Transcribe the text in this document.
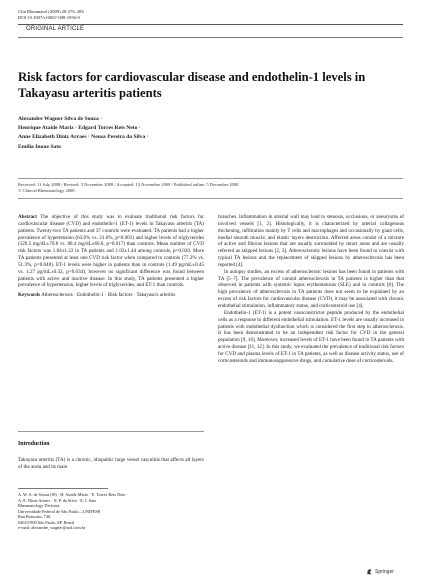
Clin Rheumatol (2009) 28:379–383
DOI 10.1007/s10067-008-1056-0
ORIGINAL ARTICLE
Risk factors for cardiovascular disease and endothelin-1 levels in Takayasu arteritis patients
Alexandre Wagner Silva de Souza ·
Henrique Ataide Mariz · Edgard Torres Reis Neto ·
Anne Elizabeth Diniz Arraes · Neusa Pereira da Silva ·
Emilia Inoue Sato
Received: 11 July 2008 / Revised: 3 November 2008 / Accepted: 13 November 2008 / Published online: 5 December 2008
© Clinical Rheumatology 2008

Abstract The objective of this study was to evaluate traditional risk factors for cardiovascular disease (CVD) and endothelin-1 (ET-1) levels in Takayasu arteritis (TA) patients. Twenty-two TA patients and 37 controls were evaluated. TA patients had a higher prevalence of hypertension (63.6% vs. 21.6%, p=0.001) and higher levels of triglycerides (129.5 mg/dL±70.8 vs. 88.4 mg/dL±60.8, p=0.017) than controls. Mean number of CVD risk factors was 1.64±1.22 in TA patients and 1.03±1.44 among controls, p=0.030. More TA patients presented at least one CVD risk factor when compared to controls (77.2% vs. 51.3%, p=0.048). ET-1 levels were higher in patients than in controls (1.49 pg/mL±0.45 vs. 1.27 pg/mL±0.32, p=0.034), however no significant difference was found between patients with active and inactive disease. In this study, TA patients presented a higher prevalence of hypertension, higher levels of triglycerides, and ET-1 than controls.

Keywords Atherosclerosis · Endothelin-1 · Risk factors · Takayasu's arteritis

Introduction

Takayasu arteritis (TA) is a chronic, idiopathic large vessel vasculitis that affects all layers of the aorta and its main

A. W. S. de Souza (✉) · H. Ataide Mariz · E. Torres Reis Neto ·
A. E. Diniz Arraes · N. P. da Silva · E. I. Sato
Rheumatology Division,
Universidade Federal de São Paulo—UNIFESP,
Rua Botucatu, 740,
04023-900 São Paulo, SP, Brazil
e-mail: alexandre_wagner@uol.com.br

branches. Inflammation in arterial wall may lead to stenosis, occlusions, or aneurysms of involved vessels [1, 2]. Histologically, it is characterized by arterial collagenous thickening, infiltration mainly by T cells and macrophages and occasionally by giant cells, medial smooth muscle, and elastic layers destruction. Affected areas consist of a mixture of active and fibrous lesions that are usually surrounded by intact areas and are usually referred as skipped lesions [2, 3]. Atherosclerotic lesions have been found to coexist with typical TA lesions and the replacement of skipped lesions by atherosclerosis has been reported [4].

In autopsy studies, an excess of atherosclerotic lesions has been found in patients with TA [5–7]. The prevalence of carotid atherosclerosis in TA patients is higher than that observed in patients with systemic lupus erythematosus (SLE) and in controls [8]. The high prevalence of atherosclerosis in TA patients does not seem to be explained by an excess of risk factors for cardiovascular disease (CVD), it may be associated with chronic endothelial stimulation, inflammatory status, and corticosteroid use [4].

Endothelin-1 (ET-1) is a potent vasoconstrictor peptide produced by the endothelial cells as a response to different endothelial stimulation. ET-1 levels are usually increased in patients with endothelial dysfunction which is considered the first step in atherosclerosis. It has been demonstrated to be an independent risk factor for CVD in the general population [9, 10]. Moreover, increased levels of ET-1 have been found in TA patients with active disease [11, 12]. In this study, we evaluated the prevalence of traditional risk factors for CVD and plasma levels of ET-1 in TA patients, as well as disease activity status, use of corticosteroids and immunosuppressive drugs, and cumulative dose of corticosteroids.

Springer
